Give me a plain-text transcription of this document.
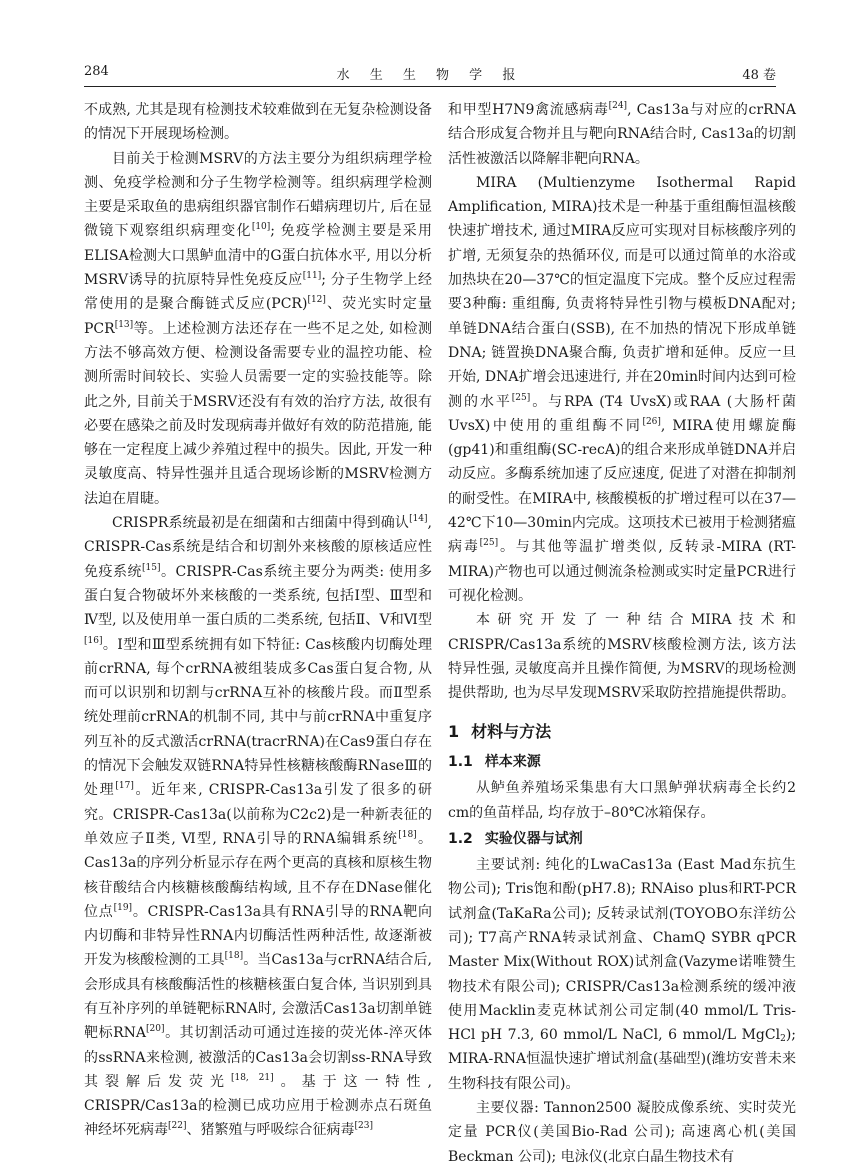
284	水 生 生 物 学 报	48 卷

不成熟, 尤其是现有检测技术较难做到在无复杂检测设备的情况下开展现场检测。

目前关于检测MSRV的方法主要分为组织病理学检测、免疫学检测和分子生物学检测等。组织病理学检测主要是采取鱼的患病组织器官制作石蜡病理切片, 后在显微镜下观察组织病理变化[10]; 免疫学检测主要是采用ELISA检测大口黑鲈血清中的G蛋白抗体水平, 用以分析MSRV诱导的抗原特异性免疫反应[11]; 分子生物学上经常使用的是聚合酶链式反应(PCR)[12]、荧光实时定量PCR[13]等。上述检测方法还存在一些不足之处, 如检测方法不够高效方便、检测设备需要专业的温控功能、检测所需时间较长、实验人员需要一定的实验技能等。除此之外, 目前关于MSRV还没有有效的治疗方法, 故很有必要在感染之前及时发现病毒并做好有效的防范措施, 能够在一定程度上减少养殖过程中的损失。因此, 开发一种灵敏度高、特异性强并且适合现场诊断的MSRV检测方法迫在眉睫。

CRISPR系统最初是在细菌和古细菌中得到确认[14], CRISPR-Cas系统是结合和切割外来核酸的原核适应性免疫系统[15]。CRISPR-Cas系统主要分为两类: 使用多蛋白复合物破坏外来核酸的一类系统, 包括Ⅰ型、Ⅲ型和Ⅳ型, 以及使用单一蛋白质的二类系统, 包括Ⅱ、Ⅴ和Ⅵ型[16]。Ⅰ型和Ⅲ型系统拥有如下特征: Cas核酸内切酶处理前crRNA, 每个crRNA被组装成多Cas蛋白复合物, 从而可以识别和切割与crRNA互补的核酸片段。而Ⅱ型系统处理前crRNA的机制不同, 其中与前crRNA中重复序列互补的反式激活crRNA(tracrRNA)在Cas9蛋白存在的情况下会触发双链RNA特异性核糖核酸酶RNaseⅢ的处理[17]。近年来, CRISPR-Cas13a引发了很多的研究。CRISPR-Cas13a(以前称为C2c2)是一种新表征的单效应子Ⅱ类, Ⅵ型, RNA引导的RNA编辑系统[18]。Cas13a的序列分析显示存在两个更高的真核和原核生物核苷酸结合内核糖核酸酶结构域, 且不存在DNase催化位点[19]。CRISPR-Cas13a具有RNA引导的RNA靶向内切酶和非特异性RNA内切酶活性两种活性, 故逐渐被开发为核酸检测的工具[18]。当Cas13a与crRNA结合后, 会形成具有核酸酶活性的核糖核蛋白复合体, 当识别到具有互补序列的单链靶标RNA时, 会激活Cas13a切割单链靶标RNA[20]。其切割活动可通过连接的荧光体-淬灭体的ssRNA来检测, 被激活的Cas13a会切割ss-RNA导致其裂解后发荧光[18, 21]。基于这一特性, CRISPR/Cas13a的检测已成功应用于检测赤点石斑鱼神经坏死病毒[22]、猪繁殖与呼吸综合征病毒[23]

和甲型H7N9禽流感病毒[24], Cas13a与对应的crRNA结合形成复合物并且与靶向RNA结合时, Cas13a的切割活性被激活以降解非靶向RNA。

MIRA (Multienzyme Isothermal Rapid Amplification, MIRA)技术是一种基于重组酶恒温核酸快速扩增技术, 通过MIRA反应可实现对目标核酸序列的扩增, 无须复杂的热循环仪, 而是可以通过简单的水浴或加热块在20—37℃的恒定温度下完成。整个反应过程需要3种酶: 重组酶, 负责将特异性引物与模板DNA配对; 单链DNA结合蛋白(SSB), 在不加热的情况下形成单链DNA; 链置换DNA聚合酶, 负责扩增和延伸。反应一旦开始, DNA扩增会迅速进行, 并在20min时间内达到可检测的水平[25]。与RPA (T4 UvsX)或RAA (大肠杆菌UvsX)中使用的重组酶不同[26], MIRA使用螺旋酶(gp41)和重组酶(SC-recA)的组合来形成单链DNA并启动反应。多酶系统加速了反应速度, 促进了对潜在抑制剂的耐受性。在MIRA中, 核酸模板的扩增过程可以在37—42℃下10—30min内完成。这项技术已被用于检测猪瘟病毒[25]。与其他等温扩增类似, 反转录-MIRA (RT-MIRA)产物也可以通过侧流条检测或实时定量PCR进行可视化检测。

本研究开发了一种结合MIRA技术和CRISPR/Cas13a系统的MSRV核酸检测方法, 该方法特异性强, 灵敏度高并且操作简便, 为MSRV的现场检测提供帮助, 也为尽早发现MSRV采取防控措施提供帮助。

1 材料与方法
1.1 样本来源

从鲈鱼养殖场采集患有大口黑鲈弹状病毒全长约2 cm的鱼苗样品, 均存放于–80℃冰箱保存。

1.2 实验仪器与试剂

主要试剂: 纯化的LwaCas13a (East Mad东抗生物公司); Tris饱和酚(pH7.8); RNAiso plus和RT-PCR试剂盒(TaKaRa公司); 反转录试剂(TOYOBO东洋纺公司); T7高产RNA转录试剂盒、ChamQ SYBR qPCR Master Mix(Without ROX)试剂盒(Vazyme诺唯赞生物技术有限公司); CRISPR/Cas13a检测系统的缓冲液使用Macklin麦克林试剂公司定制(40 mmol/L Tris-HCl pH 7.3, 60 mmol/L NaCl, 6 mmol/L MgCl$_2$); MIRA-RNA恒温快速扩增试剂盒(基础型)(潍坊安普未来生物科技有限公司)。

主要仪器: Tannon2500 凝胶成像系统、实时荧光定量 PCR仪(美国Bio-Rad 公司); 高速离心机(美国Beckman 公司); 电泳仪(北京白晶生物技术有
